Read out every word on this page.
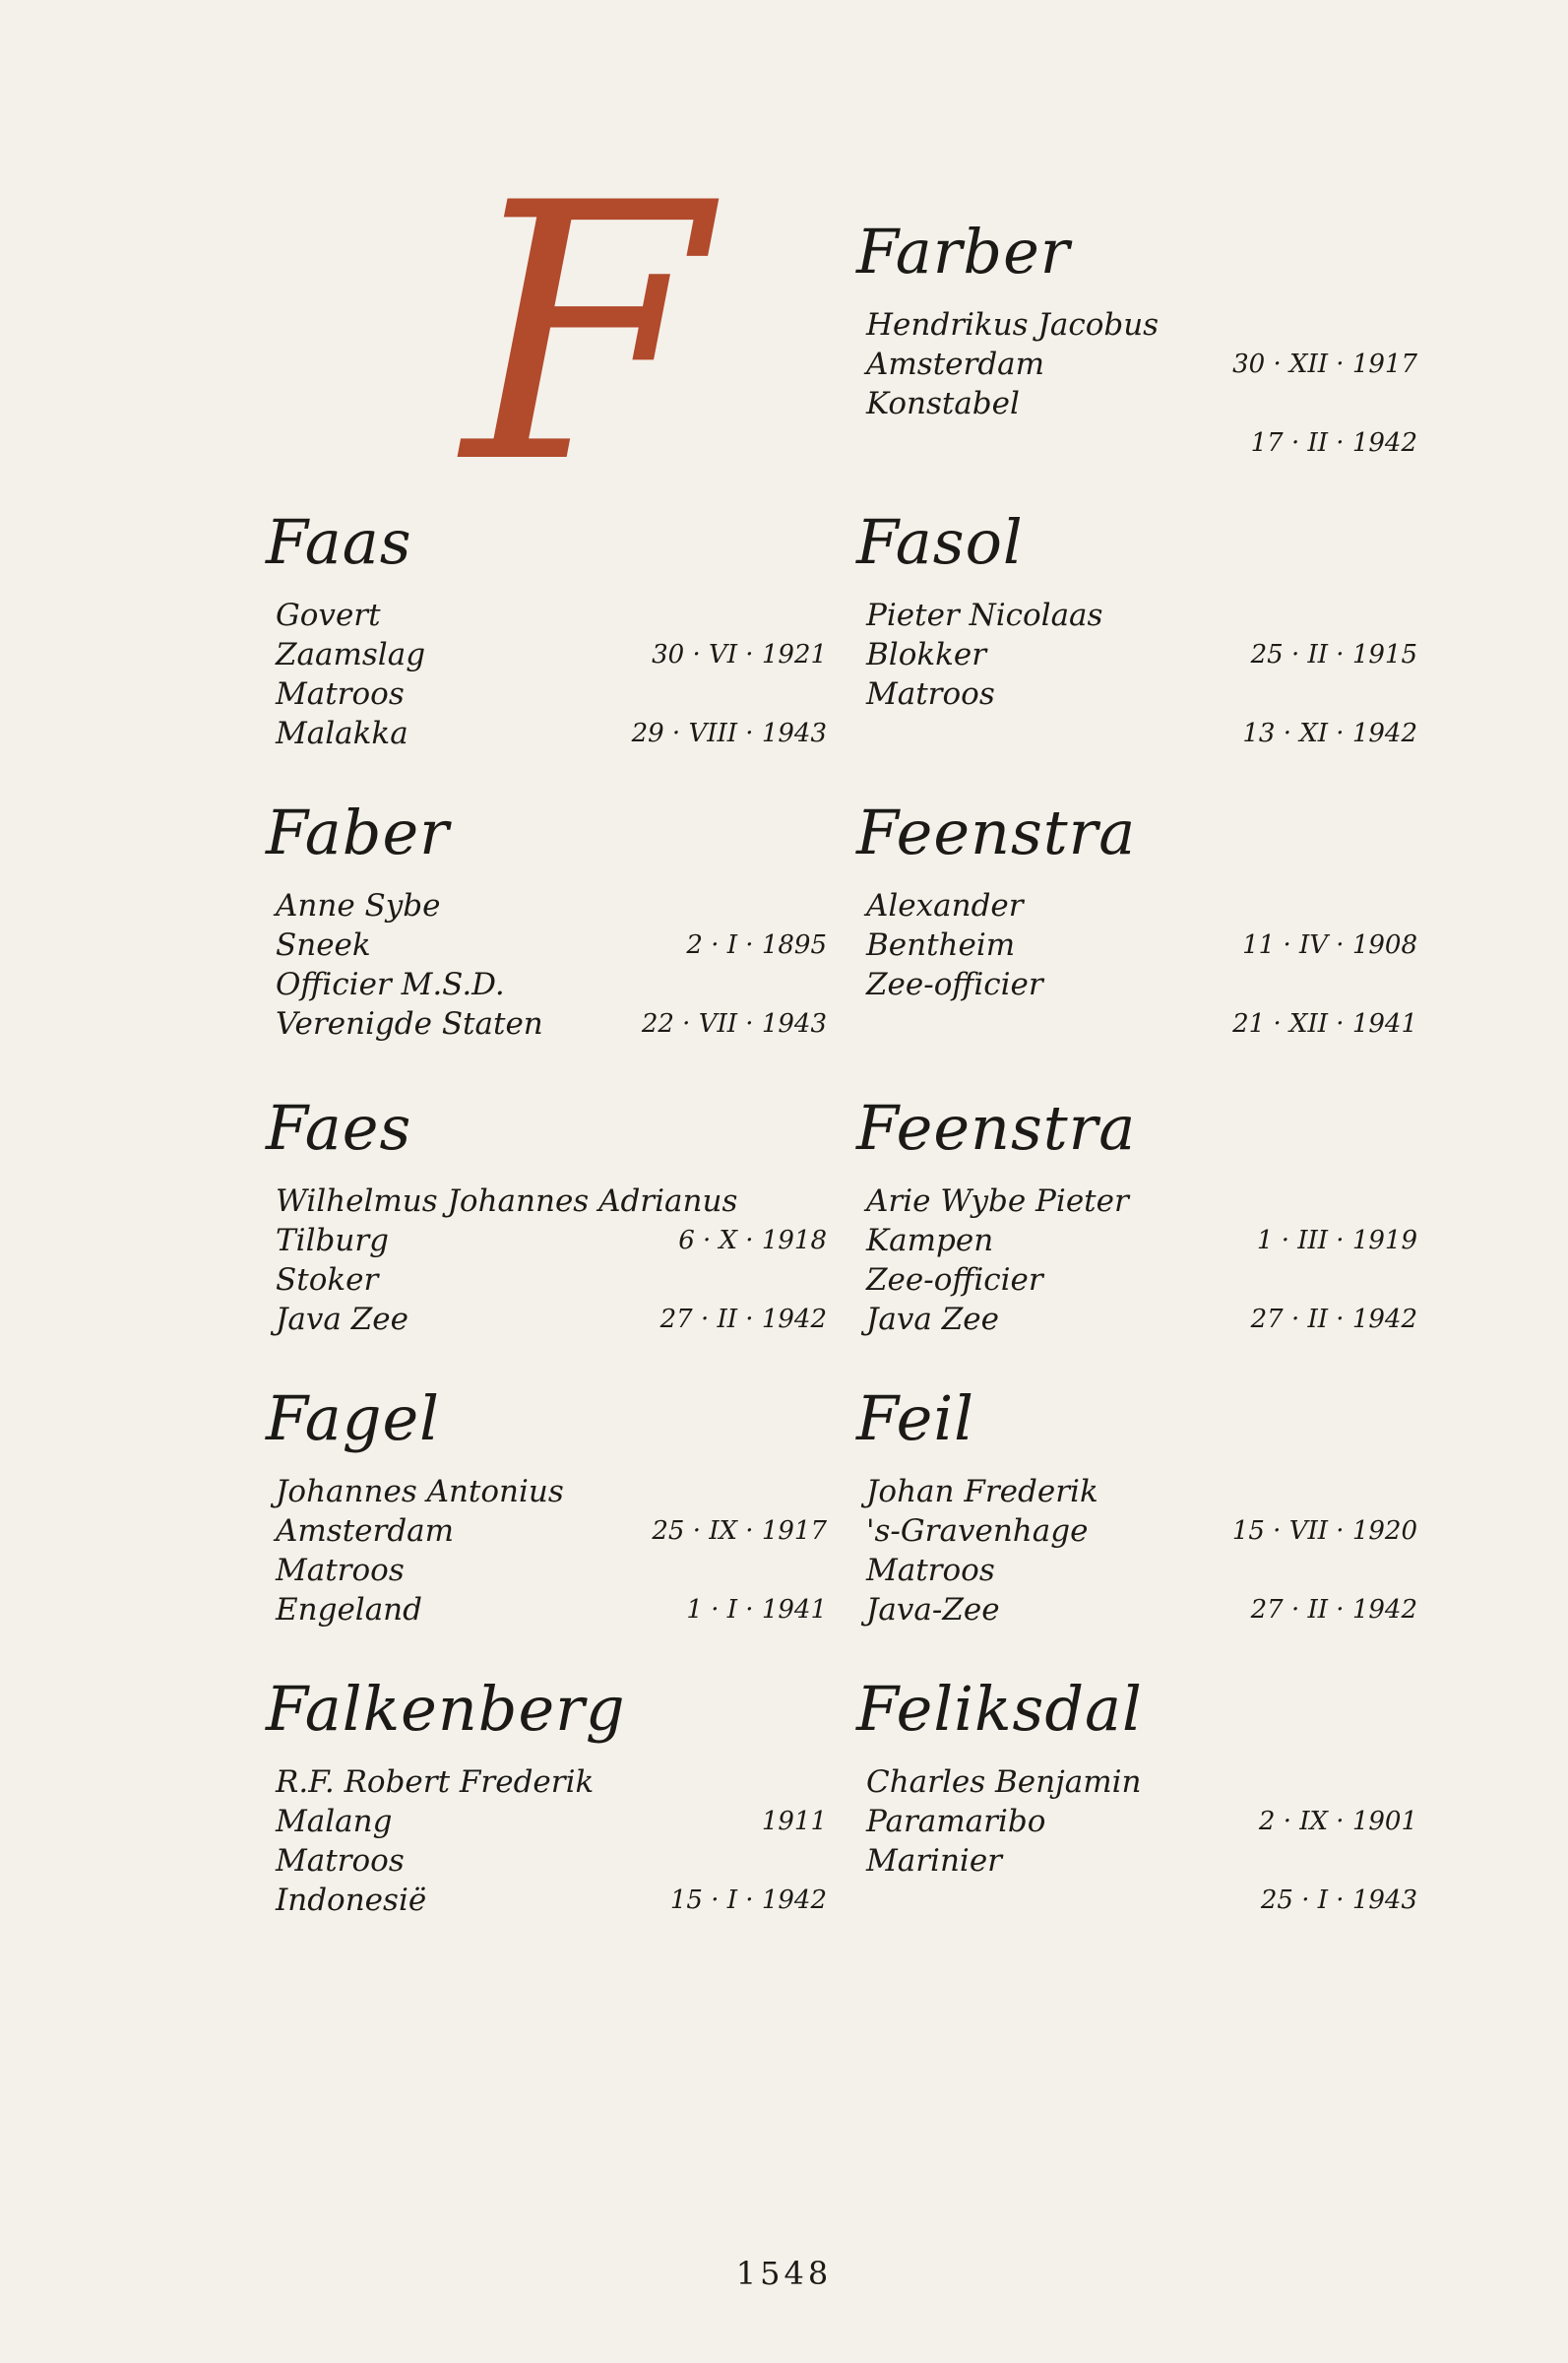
F
Faas
Govert
Zaamslag	30 · VI · 1921
Matroos
Malakka	29 · VIII · 1943
Faber
Anne Sybe
Sneek	2 · I · 1895
Officier M.S.D.
Verenigde Staten	22 · VII · 1943
Faes
Wilhelmus Johannes Adrianus
Tilburg	6 · X · 1918
Stoker
Java Zee	27 · II · 1942
Fagel
Johannes Antonius
Amsterdam	25 · IX · 1917
Matroos
Engeland	1 · I · 1941
Falkenberg
R.F. Robert Frederik
Malang	1911
Matroos
Indonesië	15 · I · 1942
Farber
Hendrikus Jacobus
Amsterdam	30 · XII · 1917
Konstabel
17 · II · 1942
Fasol
Pieter Nicolaas
Blokker	25 · II · 1915
Matroos
13 · XI · 1942
Feenstra
Alexander
Bentheim	11 · IV · 1908
Zee-officier
21 · XII · 1941
Feenstra
Arie Wybe Pieter
Kampen	1 · III · 1919
Zee-officier
Java Zee	27 · II · 1942
Feil
Johan Frederik
's-Gravenhage	15 · VII · 1920
Matroos
Java-Zee	27 · II · 1942
Feliksdal
Charles Benjamin
Paramaribo	2 · IX · 1901
Marinier
25 · I · 1943
1548
